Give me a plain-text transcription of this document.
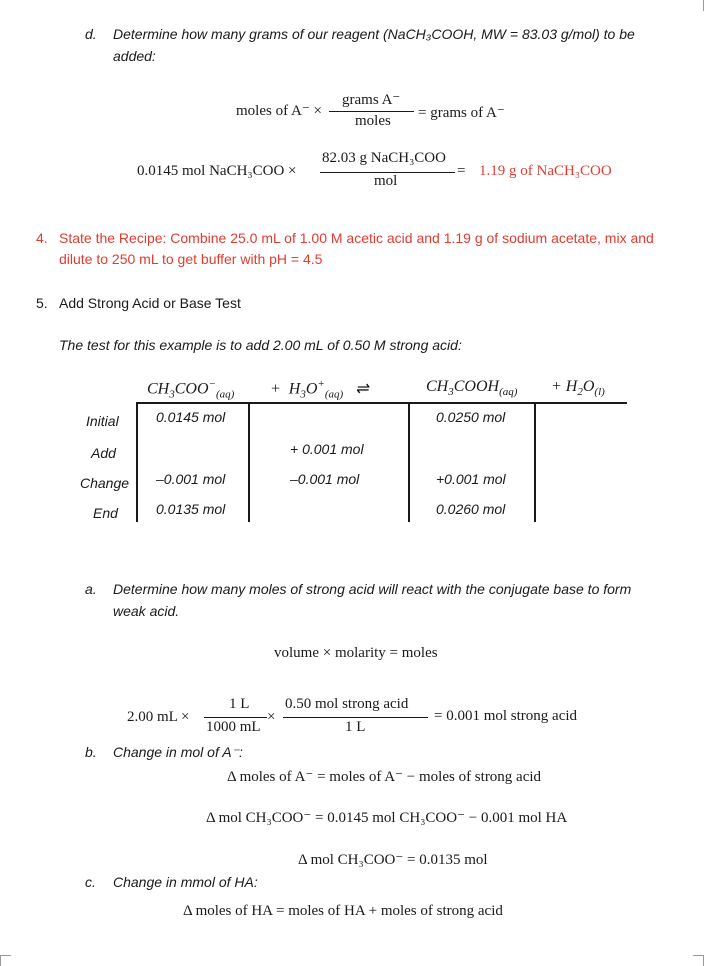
d. Determine how many grams of our reagent (NaCH₃COOH, MW = 83.03 g/mol) to be
added:
moles of A⁻ ×
grams A⁻
moles = grams of A⁻
0.0145 mol NaCH₃COO ×
82.03 g NaCH₃COO
mol
= 1.19 g of NaCH₃COO
4. State the Recipe: Combine 25.0 mL of 1.00 M acetic acid and 1.19 g of sodium acetate, mix and
dilute to 250 mL to get buffer with pH = 4.5
5. Add Strong Acid or Base Test
The test for this example is to add 2.00 mL of 0.50 M strong acid:
$CH_3COO^-_{(aq)} + H_3O^+_{(aq)}$   ⇌	$CH_3COOH_{(aq)} + H_2O_{(l)}$
Initial
Add
Change
End
0.0145 mol
–0.001 mol
0.0135 mol
+ 0.001 mol
–0.001 mol
0.0250 mol
+0.001 mol
0.0260 mol
a. Determine how many moles of strong acid will react with the conjugate base to form
weak acid.
volume × molarity = moles
2.00 mL ×
1 L
1000 mL
×
0.50 mol strong acid
1 L
= 0.001 mol strong acid
b. Change in mol of A⁻:
Δ moles of A⁻ = moles of A⁻ − moles of strong acid
Δ mol CH₃COO⁻ = 0.0145 mol CH₃COO⁻ − 0.001 mol HA
Δ mol CH₃COO⁻ = 0.0135 mol
c. Change in mmol of HA:
Δ moles of HA = moles of HA + moles of strong acid
